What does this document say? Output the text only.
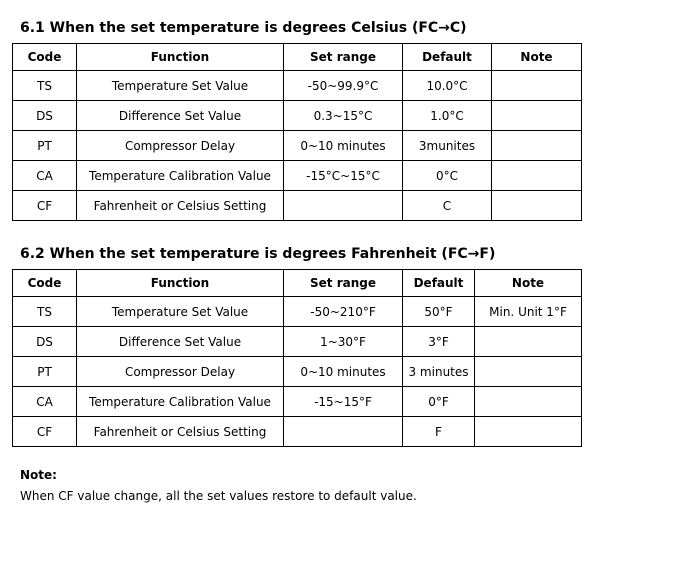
6.1 When the set temperature is degrees Celsius (FC→C)
Code	Function	Set range	Default	Note
TS	Temperature Set Value	-50~99.9°C	10.0°C	
DS	Difference Set Value	0.3~15°C	1.0°C	
PT	Compressor Delay	0~10 minutes	3munites	
CA	Temperature Calibration Value	-15°C~15°C	0°C	
CF	Fahrenheit or Celsius Setting		C	
6.2 When the set temperature is degrees Fahrenheit (FC→F)
Code	Function	Set range	Default	Note
TS	Temperature Set Value	-50~210°F	50°F	Min. Unit 1°F
DS	Difference Set Value	1~30°F	3°F	
PT	Compressor Delay	0~10 minutes	3 minutes	
CA	Temperature Calibration Value	-15~15°F	0°F	
CF	Fahrenheit or Celsius Setting		F	

Note:

When CF value change, all the set values restore to default value.
